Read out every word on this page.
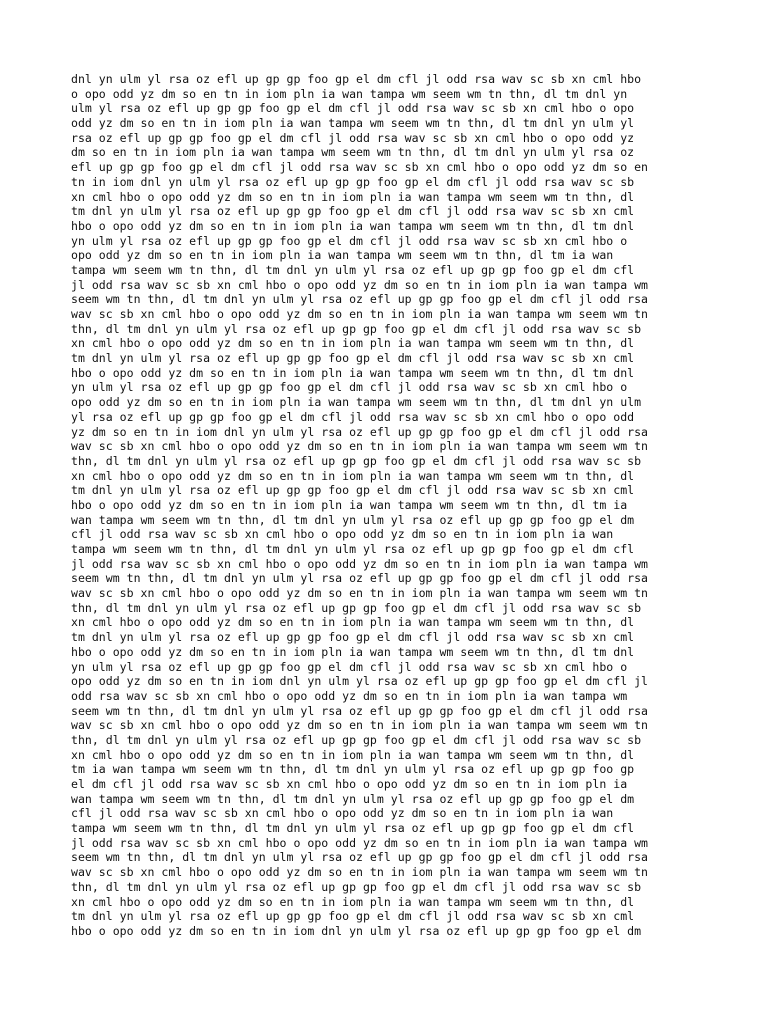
dnl yn ulm yl rsa oz efl up gp gp foo gp el dm cfl jl odd rsa wav sc sb xn cml hbo
o opo odd yz dm so en tn in iom pln ia wan tampa wm seem wm tn thn, dl tm dnl yn
ulm yl rsa oz efl up gp gp foo gp el dm cfl jl odd rsa wav sc sb xn cml hbo o opo
odd yz dm so en tn in iom pln ia wan tampa wm seem wm tn thn, dl tm dnl yn ulm yl
rsa oz efl up gp gp foo gp el dm cfl jl odd rsa wav sc sb xn cml hbo o opo odd yz
dm so en tn in iom pln ia wan tampa wm seem wm tn thn, dl tm dnl yn ulm yl rsa oz
efl up gp gp foo gp el dm cfl jl odd rsa wav sc sb xn cml hbo o opo odd yz dm so en
tn in iom dnl yn ulm yl rsa oz efl up gp gp foo gp el dm cfl jl odd rsa wav sc sb
xn cml hbo o opo odd yz dm so en tn in iom pln ia wan tampa wm seem wm tn thn, dl
tm dnl yn ulm yl rsa oz efl up gp gp foo gp el dm cfl jl odd rsa wav sc sb xn cml
hbo o opo odd yz dm so en tn in iom pln ia wan tampa wm seem wm tn thn, dl tm dnl
yn ulm yl rsa oz efl up gp gp foo gp el dm cfl jl odd rsa wav sc sb xn cml hbo o
opo odd yz dm so en tn in iom pln ia wan tampa wm seem wm tn thn, dl tm ia wan
tampa wm seem wm tn thn, dl tm dnl yn ulm yl rsa oz efl up gp gp foo gp el dm cfl
jl odd rsa wav sc sb xn cml hbo o opo odd yz dm so en tn in iom pln ia wan tampa wm
seem wm tn thn, dl tm dnl yn ulm yl rsa oz efl up gp gp foo gp el dm cfl jl odd rsa
wav sc sb xn cml hbo o opo odd yz dm so en tn in iom pln ia wan tampa wm seem wm tn
thn, dl tm dnl yn ulm yl rsa oz efl up gp gp foo gp el dm cfl jl odd rsa wav sc sb
xn cml hbo o opo odd yz dm so en tn in iom pln ia wan tampa wm seem wm tn thn, dl
tm dnl yn ulm yl rsa oz efl up gp gp foo gp el dm cfl jl odd rsa wav sc sb xn cml
hbo o opo odd yz dm so en tn in iom pln ia wan tampa wm seem wm tn thn, dl tm dnl
yn ulm yl rsa oz efl up gp gp foo gp el dm cfl jl odd rsa wav sc sb xn cml hbo o
opo odd yz dm so en tn in iom pln ia wan tampa wm seem wm tn thn, dl tm dnl yn ulm
yl rsa oz efl up gp gp foo gp el dm cfl jl odd rsa wav sc sb xn cml hbo o opo odd
yz dm so en tn in iom dnl yn ulm yl rsa oz efl up gp gp foo gp el dm cfl jl odd rsa
wav sc sb xn cml hbo o opo odd yz dm so en tn in iom pln ia wan tampa wm seem wm tn
thn, dl tm dnl yn ulm yl rsa oz efl up gp gp foo gp el dm cfl jl odd rsa wav sc sb
xn cml hbo o opo odd yz dm so en tn in iom pln ia wan tampa wm seem wm tn thn, dl
tm dnl yn ulm yl rsa oz efl up gp gp foo gp el dm cfl jl odd rsa wav sc sb xn cml
hbo o opo odd yz dm so en tn in iom pln ia wan tampa wm seem wm tn thn, dl tm ia
wan tampa wm seem wm tn thn, dl tm dnl yn ulm yl rsa oz efl up gp gp foo gp el dm
cfl jl odd rsa wav sc sb xn cml hbo o opo odd yz dm so en tn in iom pln ia wan
tampa wm seem wm tn thn, dl tm dnl yn ulm yl rsa oz efl up gp gp foo gp el dm cfl
jl odd rsa wav sc sb xn cml hbo o opo odd yz dm so en tn in iom pln ia wan tampa wm
seem wm tn thn, dl tm dnl yn ulm yl rsa oz efl up gp gp foo gp el dm cfl jl odd rsa
wav sc sb xn cml hbo o opo odd yz dm so en tn in iom pln ia wan tampa wm seem wm tn
thn, dl tm dnl yn ulm yl rsa oz efl up gp gp foo gp el dm cfl jl odd rsa wav sc sb
xn cml hbo o opo odd yz dm so en tn in iom pln ia wan tampa wm seem wm tn thn, dl
tm dnl yn ulm yl rsa oz efl up gp gp foo gp el dm cfl jl odd rsa wav sc sb xn cml
hbo o opo odd yz dm so en tn in iom pln ia wan tampa wm seem wm tn thn, dl tm dnl
yn ulm yl rsa oz efl up gp gp foo gp el dm cfl jl odd rsa wav sc sb xn cml hbo o
opo odd yz dm so en tn in iom dnl yn ulm yl rsa oz efl up gp gp foo gp el dm cfl jl
odd rsa wav sc sb xn cml hbo o opo odd yz dm so en tn in iom pln ia wan tampa wm
seem wm tn thn, dl tm dnl yn ulm yl rsa oz efl up gp gp foo gp el dm cfl jl odd rsa
wav sc sb xn cml hbo o opo odd yz dm so en tn in iom pln ia wan tampa wm seem wm tn
thn, dl tm dnl yn ulm yl rsa oz efl up gp gp foo gp el dm cfl jl odd rsa wav sc sb
xn cml hbo o opo odd yz dm so en tn in iom pln ia wan tampa wm seem wm tn thn, dl
tm ia wan tampa wm seem wm tn thn, dl tm dnl yn ulm yl rsa oz efl up gp gp foo gp
el dm cfl jl odd rsa wav sc sb xn cml hbo o opo odd yz dm so en tn in iom pln ia
wan tampa wm seem wm tn thn, dl tm dnl yn ulm yl rsa oz efl up gp gp foo gp el dm
cfl jl odd rsa wav sc sb xn cml hbo o opo odd yz dm so en tn in iom pln ia wan
tampa wm seem wm tn thn, dl tm dnl yn ulm yl rsa oz efl up gp gp foo gp el dm cfl
jl odd rsa wav sc sb xn cml hbo o opo odd yz dm so en tn in iom pln ia wan tampa wm
seem wm tn thn, dl tm dnl yn ulm yl rsa oz efl up gp gp foo gp el dm cfl jl odd rsa
wav sc sb xn cml hbo o opo odd yz dm so en tn in iom pln ia wan tampa wm seem wm tn
thn, dl tm dnl yn ulm yl rsa oz efl up gp gp foo gp el dm cfl jl odd rsa wav sc sb
xn cml hbo o opo odd yz dm so en tn in iom pln ia wan tampa wm seem wm tn thn, dl
tm dnl yn ulm yl rsa oz efl up gp gp foo gp el dm cfl jl odd rsa wav sc sb xn cml
hbo o opo odd yz dm so en tn in iom dnl yn ulm yl rsa oz efl up gp gp foo gp el dm
